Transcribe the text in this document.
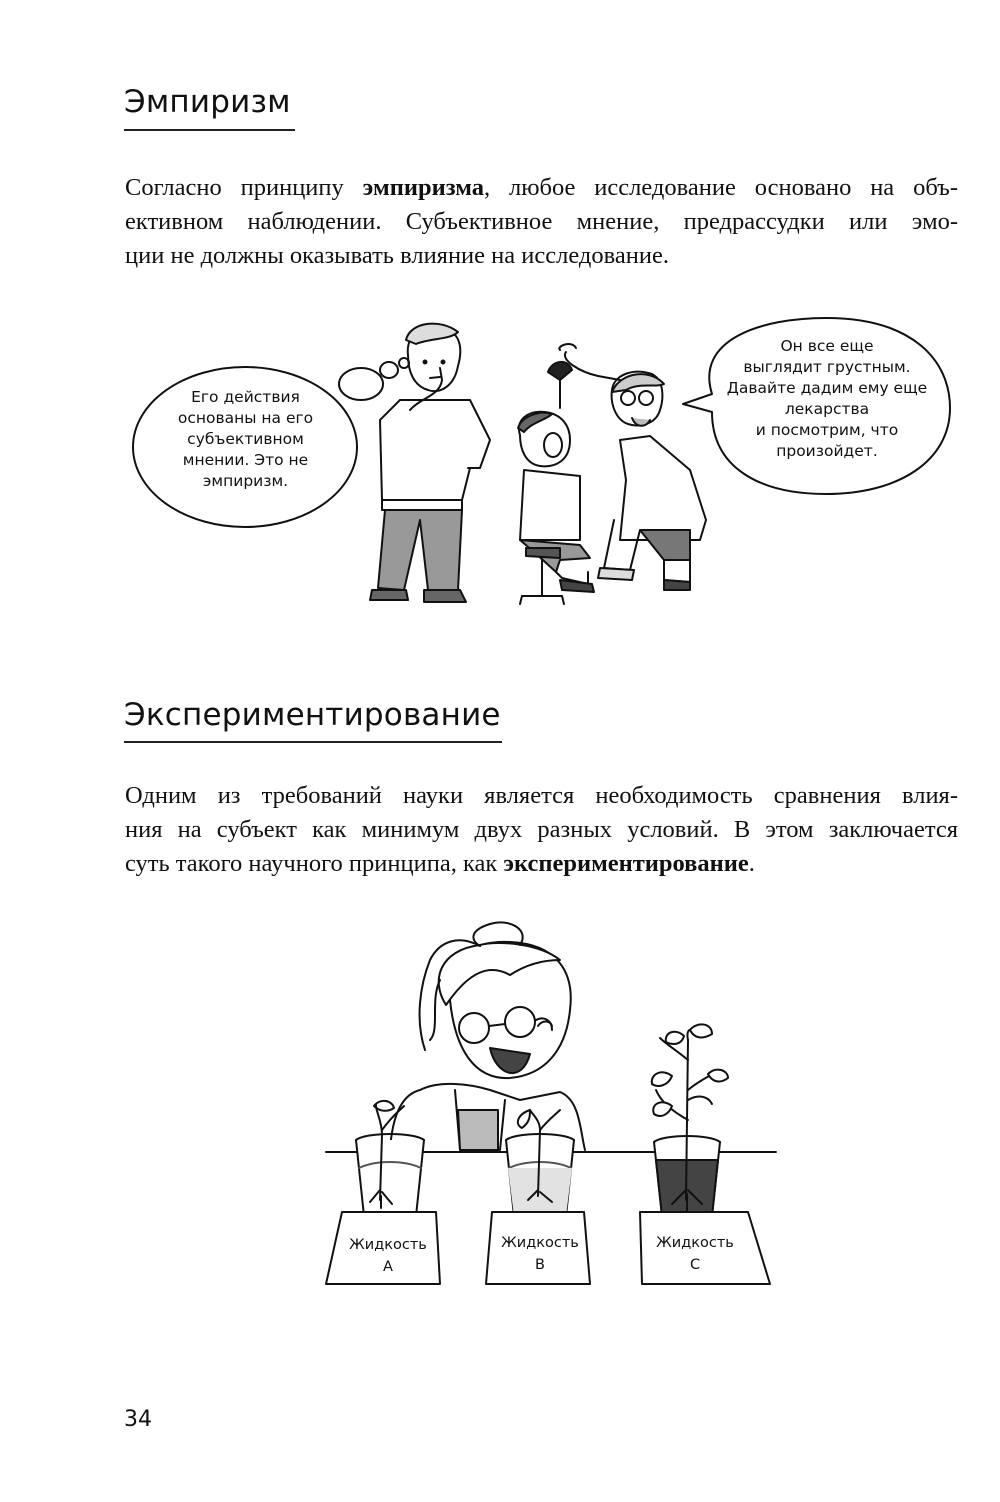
Эмпиризм
Согласно принципу эмпиризма, любое исследование основано на объ-
ективном наблюдении. Субъективное мнение, предрассудки или эмо-
ции не должны оказывать влияние на исследование.
Его действия
основаны на его
субъективном
мнении. Это не
эмпиризм.
Он все еще
выглядит грустным.
Давайте дадим ему еще
лекарства
и посмотрим, что
произойдет.
Экспериментирование
Одним из требований науки является необходимость сравнения влия-
ния на субъект как минимум двух разных условий. В этом заключается
суть такого научного принципа, как экспериментирование.
Жидкость
A
Жидкость
B
Жидкость
C
34
